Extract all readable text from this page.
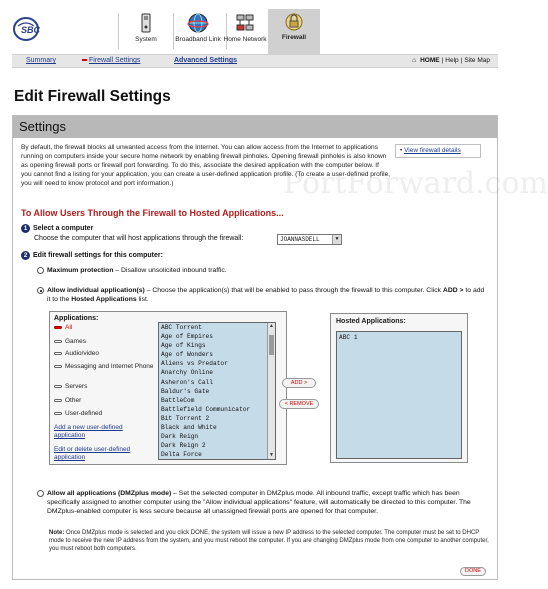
SBC
System	Broadband Link Home Network	Firewall
Summary	Firewall Settings	Advanced Settings	⌂ HOME | Help | Site Map
Edit Firewall Settings
Settings
By default, the firewall blocks all unwanted access from the Internet. You can allow access from the Internet to applications running on computers inside your secure home network by enabling firewall pinholes. Opening firewall pinholes is also known as opening firewall ports or firewall port forwarding. To do this, associate the desired application with the computer below. If you cannot find a listing for your application, you can create a user-defined application profile. (To create a user-defined profile, you will need to know protocol and port information.)
• View firewall details
PortForward.com
To Allow Users Through the Firewall to Hosted Applications...
1 Select a computer
Choose the computer that will host applications through the firewall:	JOANNASDELL	▼
2 Edit firewall settings for this computer:
Maximum protection – Disallow unsolicited inbound traffic.
Allow individual application(s) – Choose the application(s) that will be enabled to pass through the firewall to this computer. Click ADD > to add it to the Hosted Applications list.
Applications:
All
Games
Audio/video
Messaging and Internet Phone
Servers
Other
User-defined
Add a new user-defined application
Edit or delete user-defined application
ABC Torrent
Age of Empires
Age of Kings
Age of Wonders
Aliens vs Predator
Anarchy Online
Asheron's Call
Baldur's Gate
BattleCom
Battlefield Communicator
Bit Torrent 2
Black and White
Dark Reign
Dark Reign 2
Delta Force
▲
▼
ADD >
< REMOVE
Hosted Applications:
ABC 1
Allow all applications (DMZplus mode) – Set the selected computer in DMZplus mode. All inbound traffic, except traffic which has been specifically assigned to another computer using the "Allow individual applications" feature, will automatically be directed to this computer. The DMZplus-enabled computer is less secure because all unassigned firewall ports are opened for that computer.
Note: Once DMZplus mode is selected and you click DONE, the system will issue a new IP address to the selected computer. The computer must be set to DHCP mode to receive the new IP address from the system, and you must reboot the computer. If you are changing DMZplus mode from one computer to another computer, you must reboot both computers.
DONE
